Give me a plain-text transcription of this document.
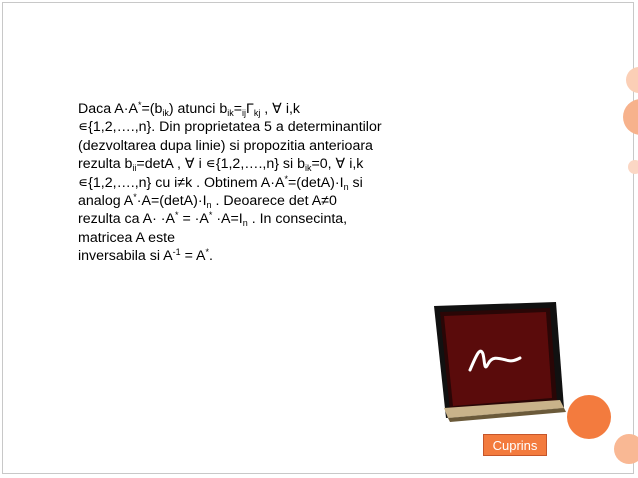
Daca $A\cdot A^*=(b_{ik})$ atunci $b_{ik}=_{ij}\Gamma_{kj}$ , ∀ i,k
∊{1,2,….,n}. Din proprietatea 5 a determinantilor
(dezvoltarea dupa linie) si propozitia anterioara
rezulta $b_{ii}=\det A$ , ∀ i ∊{1,2,….,n} si $b_{ik}=0$, ∀ i,k
∊{1,2,….,n} cu i≠k . Obtinem $A\cdot A^*=(\det A)\cdot I_n$ si
analog $A^*\cdot A=(\det A)\cdot I_n$ . Deoarece det A≠0
rezulta ca $A\cdot \cdot A^* = \cdot A^* \cdot A=I_n$ . In consecinta,
matricea A este
inversabila si $A^{-1} = A^*$.
Cuprins
